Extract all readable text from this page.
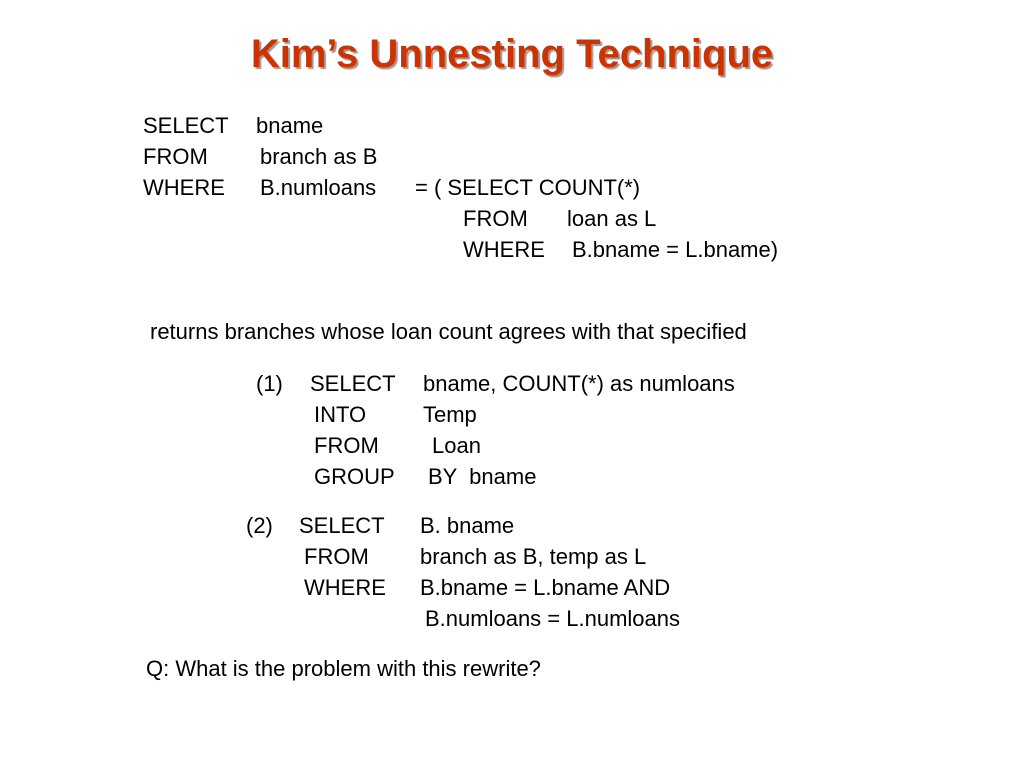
Kim’s Unnesting Technique
SELECT bname
FROM branch as B
WHERE B.numloans = ( SELECT COUNT(*)
FROM loan as L
WHERE B.bname = L.bname)
returns branches whose loan count agrees with that specified
(1) SELECT bname, COUNT(*) as numloans
INTO	Temp
FROM Loan
GROUP BY  bname
(2) SELECT B. bname
FROM branch as B, temp as L
WHERE B.bname = L.bname AND
B.numloans = L.numloans
Q: What is the problem with this rewrite?
